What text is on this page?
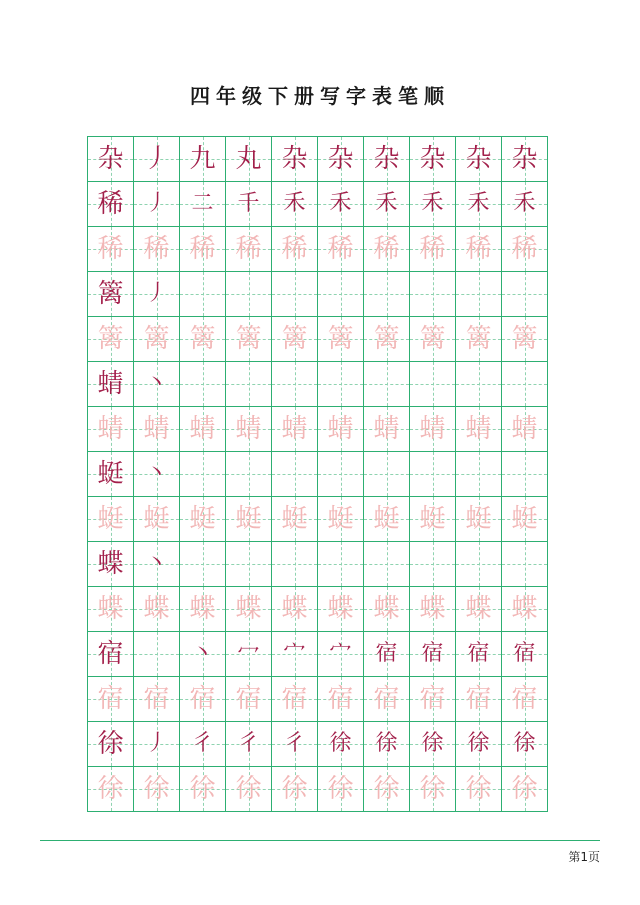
四年级下册写字表笔顺
杂 丿 九 丸 杂 杂 杂 杂 杂 杂
稀 丿 二 千 禾 禾 禾 禾 禾 禾
稀 稀 稀 稀 稀 稀 稀 稀 稀 稀
篱 丿
篱 篱 篱 篱 篱 篱 篱 篱 篱 篱
蜻 丶
蜻 蜻 蜻 蜻 蜻 蜻 蜻 蜻 蜻 蜻
蜓 丶
蜓 蜓 蜓 蜓 蜓 蜓 蜓 蜓 蜓 蜓
蝶 丶
蝶 蝶 蝶 蝶 蝶 蝶 蝶 蝶 蝶 蝶
宿	丶 冖 宀 宀 宿 宿 宿 宿
宿 宿 宿 宿 宿 宿 宿 宿 宿 宿
徐 丿 彳 彳 彳 徐 徐 徐 徐 徐
徐 徐 徐 徐 徐 徐 徐 徐 徐 徐
第1页
